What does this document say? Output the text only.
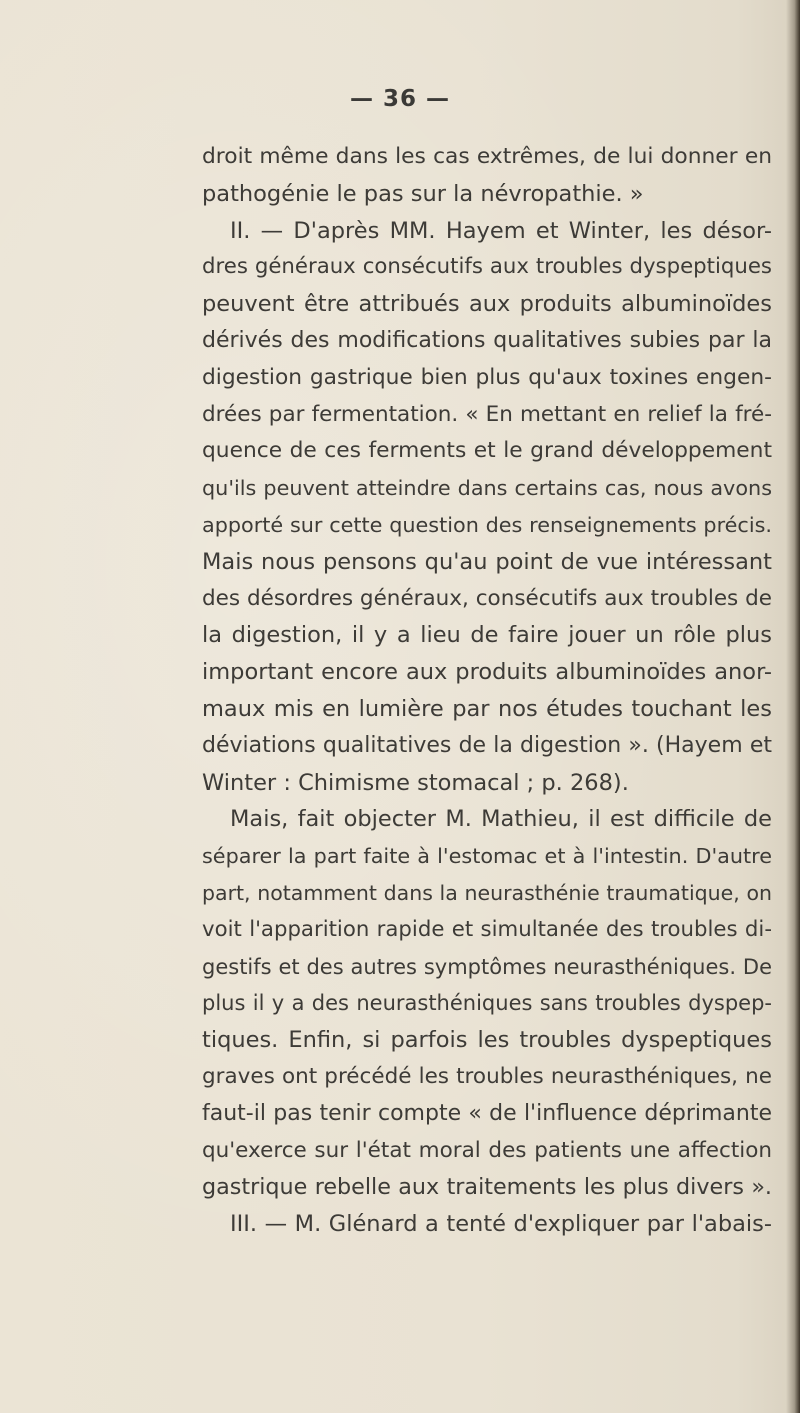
— 36 —
droit même dans les cas extrêmes, de lui donner en
pathogénie le pas sur la névropathie. »
II. — D'après MM. Hayem et Winter, les désor-
dres généraux consécutifs aux troubles dyspeptiques
peuvent être attribués aux produits albuminoïdes
dérivés des modifications qualitatives subies par la
digestion gastrique bien plus qu'aux toxines engen-
drées par fermentation. « En mettant en relief la fré-
quence de ces ferments et le grand développement
qu'ils peuvent atteindre dans certains cas, nous avons
apporté sur cette question des renseignements précis.
Mais nous pensons qu'au point de vue intéressant
des désordres généraux, consécutifs aux troubles de
la digestion, il y a lieu de faire jouer un rôle plus
important encore aux produits albuminoïdes anor-
maux mis en lumière par nos études touchant les
déviations qualitatives de la digestion ». (Hayem et
Winter : Chimisme stomacal ; p. 268).
Mais, fait objecter M. Mathieu, il est difficile de
séparer la part faite à l'estomac et à l'intestin. D'autre
part, notamment dans la neurasthénie traumatique, on
voit l'apparition rapide et simultanée des troubles di-
gestifs et des autres symptômes neurasthéniques. De
plus il y a des neurasthéniques sans troubles dyspep-
tiques. Enfin, si parfois les troubles dyspeptiques
graves ont précédé les troubles neurasthéniques, ne
faut-il pas tenir compte « de l'influence déprimante
qu'exerce sur l'état moral des patients une affection
gastrique rebelle aux traitements les plus divers ».
III. — M. Glénard a tenté d'expliquer par l'abais-
